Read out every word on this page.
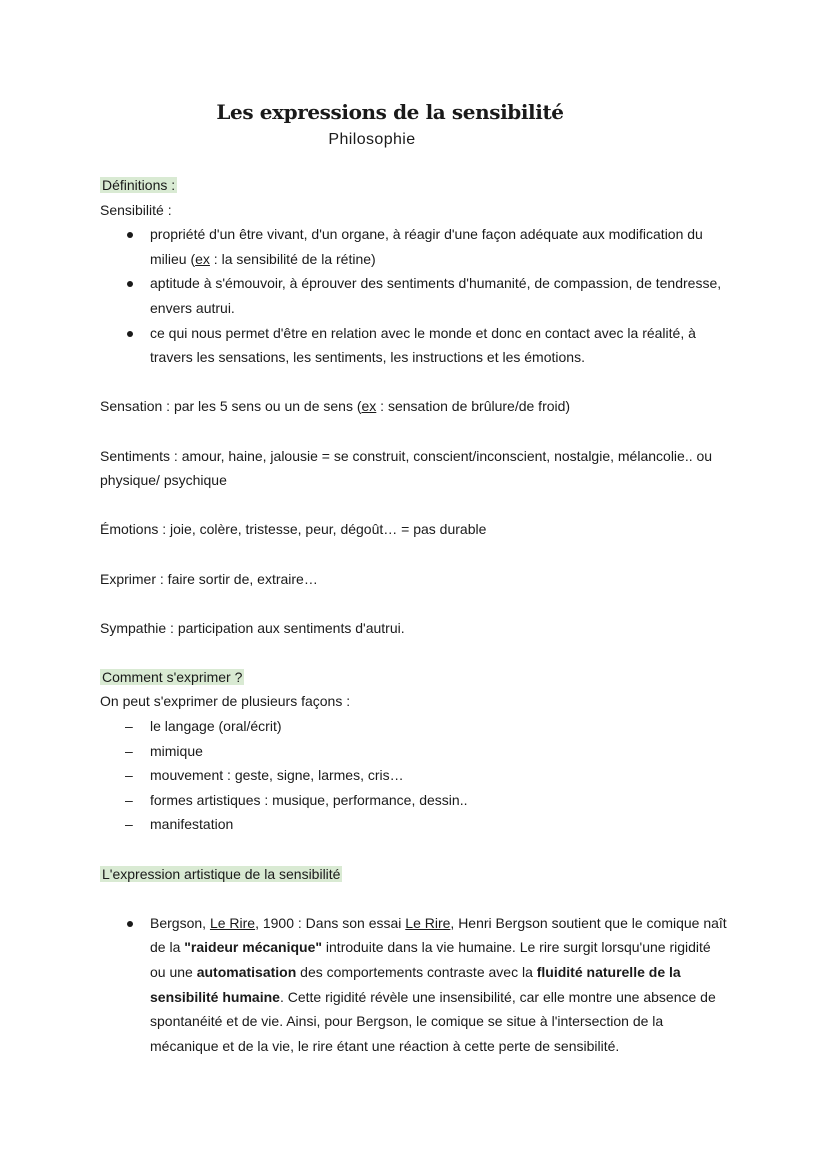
Les expressions de la sensibilité
Philosophie

Définitions :

Sensibilité :

propriété d'un être vivant, d'un organe, à réagir d'une façon adéquate aux modification du milieu (ex : la sensibilité de la rétine)
aptitude à s'émouvoir, à éprouver des sentiments d'humanité, de compassion, de tendresse, envers autrui.
ce qui nous permet d'être en relation avec le monde et donc en contact avec la réalité, à travers les sensations, les sentiments, les instructions et les émotions.

Sensation : par les 5 sens ou un de sens (ex : sensation de brûlure/de froid)

Sentiments : amour, haine, jalousie = se construit, conscient/inconscient, nostalgie, mélancolie.. ou physique/ psychique

Émotions : joie, colère, tristesse, peur, dégoût… = pas durable

Exprimer : faire sortir de, extraire…

Sympathie : participation aux sentiments d'autrui.

Comment s'exprimer ?

On peut s'exprimer de plusieurs façons :

– le langage (oral/écrit)
– mimique
– mouvement : geste, signe, larmes, cris…
– formes artistiques : musique, performance, dessin..
– manifestation

L'expression artistique de la sensibilité

Bergson, Le Rire, 1900 : Dans son essai Le Rire, Henri Bergson soutient que le comique naît de la "raideur mécanique" introduite dans la vie humaine. Le rire surgit lorsqu'une rigidité ou une automatisation des comportements contraste avec la fluidité naturelle de la sensibilité humaine. Cette rigidité révèle une insensibilité, car elle montre une absence de spontanéité et de vie. Ainsi, pour Bergson, le comique se situe à l'intersection de la mécanique et de la vie, le rire étant une réaction à cette perte de sensibilité.
